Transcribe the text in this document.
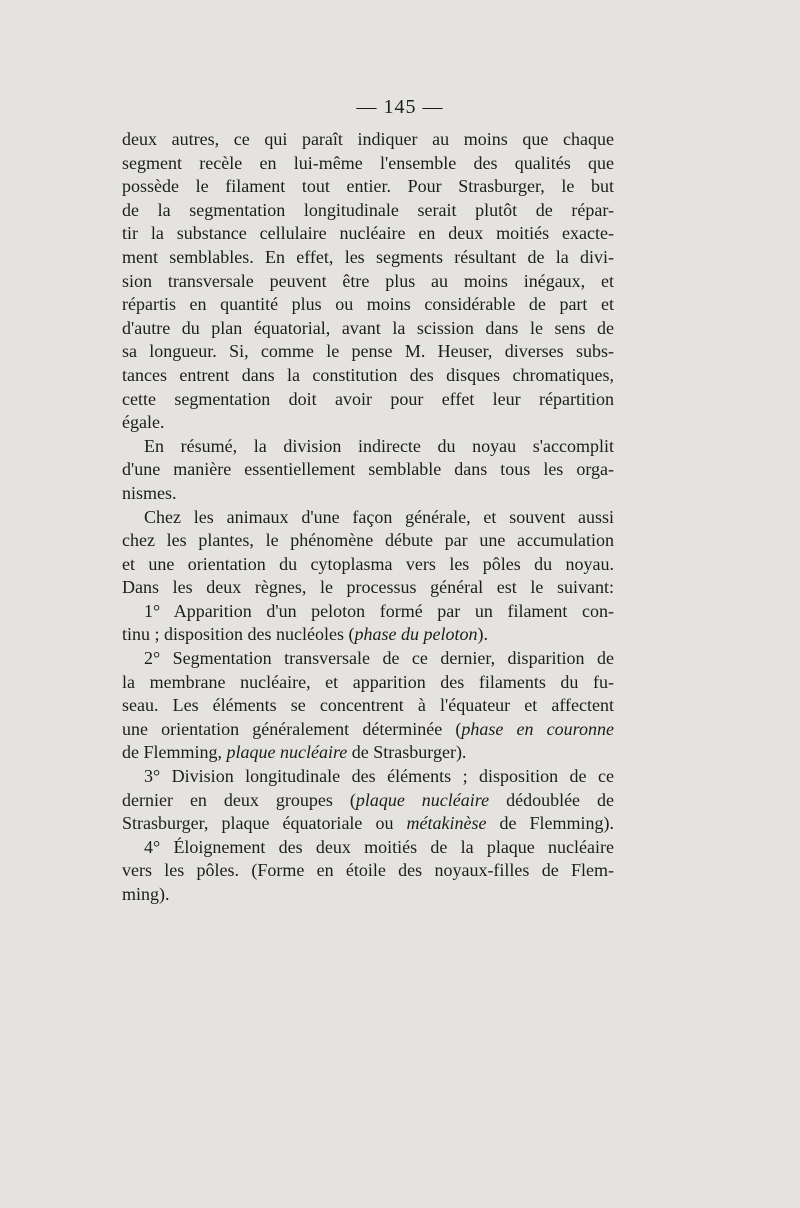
— 145 —
deux autres, ce qui paraît indiquer au moins que chaque
segment recèle en lui-même l'ensemble des qualités que
possède le filament tout entier. Pour Strasburger, le but
de la segmentation longitudinale serait plutôt de répar-
tir la substance cellulaire nucléaire en deux moitiés exacte-
ment semblables. En effet, les segments résultant de la divi-
sion transversale peuvent être plus au moins inégaux, et
répartis en quantité plus ou moins considérable de part et
d'autre du plan équatorial, avant la scission dans le sens de
sa longueur. Si, comme le pense M. Heuser, diverses subs-
tances entrent dans la constitution des disques chromatiques,
cette segmentation doit avoir pour effet leur répartition
égale.
En résumé, la division indirecte du noyau s'accomplit
d'une manière essentiellement semblable dans tous les orga-
nismes.
Chez les animaux d'une façon générale, et souvent aussi
chez les plantes, le phénomène débute par une accumulation
et une orientation du cytoplasma vers les pôles du noyau.
Dans les deux règnes, le processus général est le suivant:
1° Apparition d'un peloton formé par un filament con-
tinu ; disposition des nucléoles (phase du peloton).
2° Segmentation transversale de ce dernier, disparition de
la membrane nucléaire, et apparition des filaments du fu-
seau. Les éléments se concentrent à l'équateur et affectent
une orientation généralement déterminée (phase en couronne
de Flemming, plaque nucléaire de Strasburger).
3° Division longitudinale des éléments ; disposition de ce
dernier en deux groupes (plaque nucléaire dédoublée de
Strasburger, plaque équatoriale ou métakinèse de Flemming).
4° Éloignement des deux moitiés de la plaque nucléaire
vers les pôles. (Forme en étoile des noyaux-filles de Flem-
ming).
